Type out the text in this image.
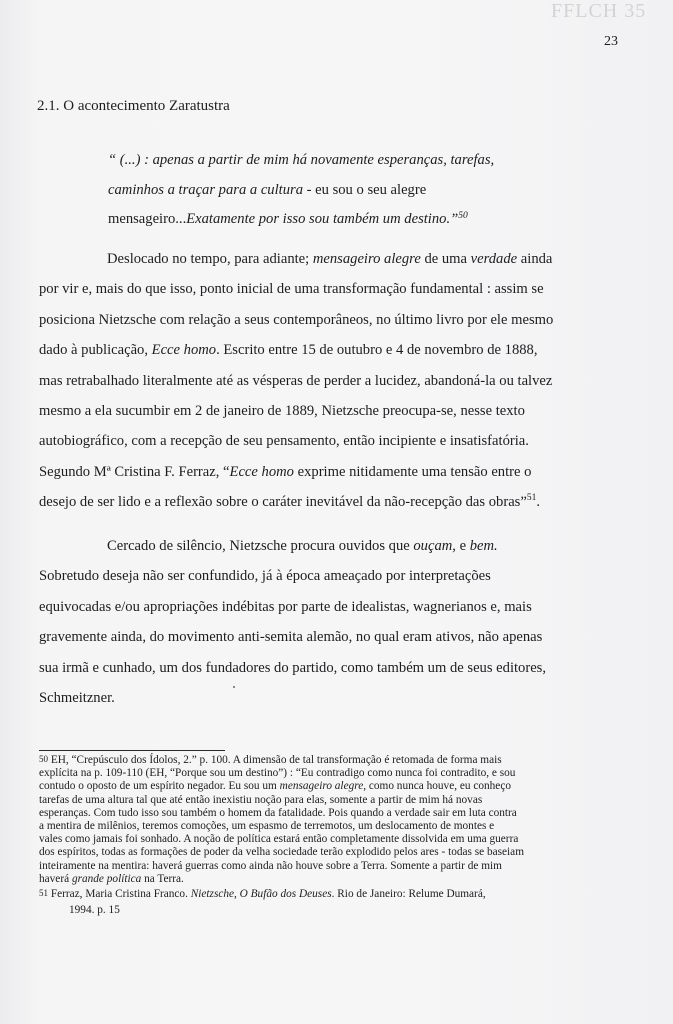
FFLCH 35
23
2.1. O acontecimento Zaratustra
“ (...) : apenas a partir de mim há novamente esperanças, tarefas,
caminhos a traçar para a cultura - eu sou o seu alegre
mensageiro...Exatamente por isso sou também um destino.”$^{50}$
Deslocado no tempo, para adiante; mensageiro alegre de uma verdade ainda
por vir e, mais do que isso, ponto inicial de uma transformação fundamental : assim se
posiciona Nietzsche com relação a seus contemporâneos, no último livro por ele mesmo
dado à publicação, Ecce homo. Escrito entre 15 de outubro e 4 de novembro de 1888,
mas retrabalhado literalmente até as vésperas de perder a lucidez, abandoná-la ou talvez
mesmo a ela sucumbir em 2 de janeiro de 1889, Nietzsche preocupa-se, nesse texto
autobiográfico, com a recepção de seu pensamento, então incipiente e insatisfatória.
Segundo Mª Cristina F. Ferraz, “Ecce homo exprime nitidamente uma tensão entre o
desejo de ser lido e a reflexão sobre o caráter inevitável da não-recepção das obras”$^{51}$.
Cercado de silêncio, Nietzsche procura ouvidos que ouçam, e bem.
Sobretudo deseja não ser confundido, já à época ameaçado por interpretações
equivocadas e/ou apropriações indébitas por parte de idealistas, wagnerianos e, mais
gravemente ainda, do movimento anti-semita alemão, no qual eram ativos, não apenas
sua irmã e cunhado, um dos fundadores do partido, como também um de seus editores,
Schmeitzner.
$^{50}$ EH, “Crepúsculo dos Ídolos, 2.” p. 100. A dimensão de tal transformação é retomada de forma mais
explícita na p. 109-110 (EH, “Porque sou um destino”) : “Eu contradigo como nunca foi contradito, e sou
contudo o oposto de um espírito negador. Eu sou um mensageiro alegre, como nunca houve, eu conheço
tarefas de uma altura tal que até então inexistiu noção para elas, somente a partir de mim há novas
esperanças. Com tudo isso sou também o homem da fatalidade. Pois quando a verdade sair em luta contra
a mentira de milênios, teremos comoções, um espasmo de terremotos, um deslocamento de montes e
vales como jamais foi sonhado. A noção de política estará então completamente dissolvida em uma guerra
dos espíritos, todas as formações de poder da velha sociedade terão explodido pelos ares - todas se baseiam
inteiramente na mentira: haverá guerras como ainda não houve sobre a Terra. Somente a partir de mim
haverá grande política na Terra.
$^{51}$ Ferraz, Maria Cristina Franco. Nietzsche, O Bufão dos Deuses. Rio de Janeiro: Relume Dumará,
1994. p. 15
